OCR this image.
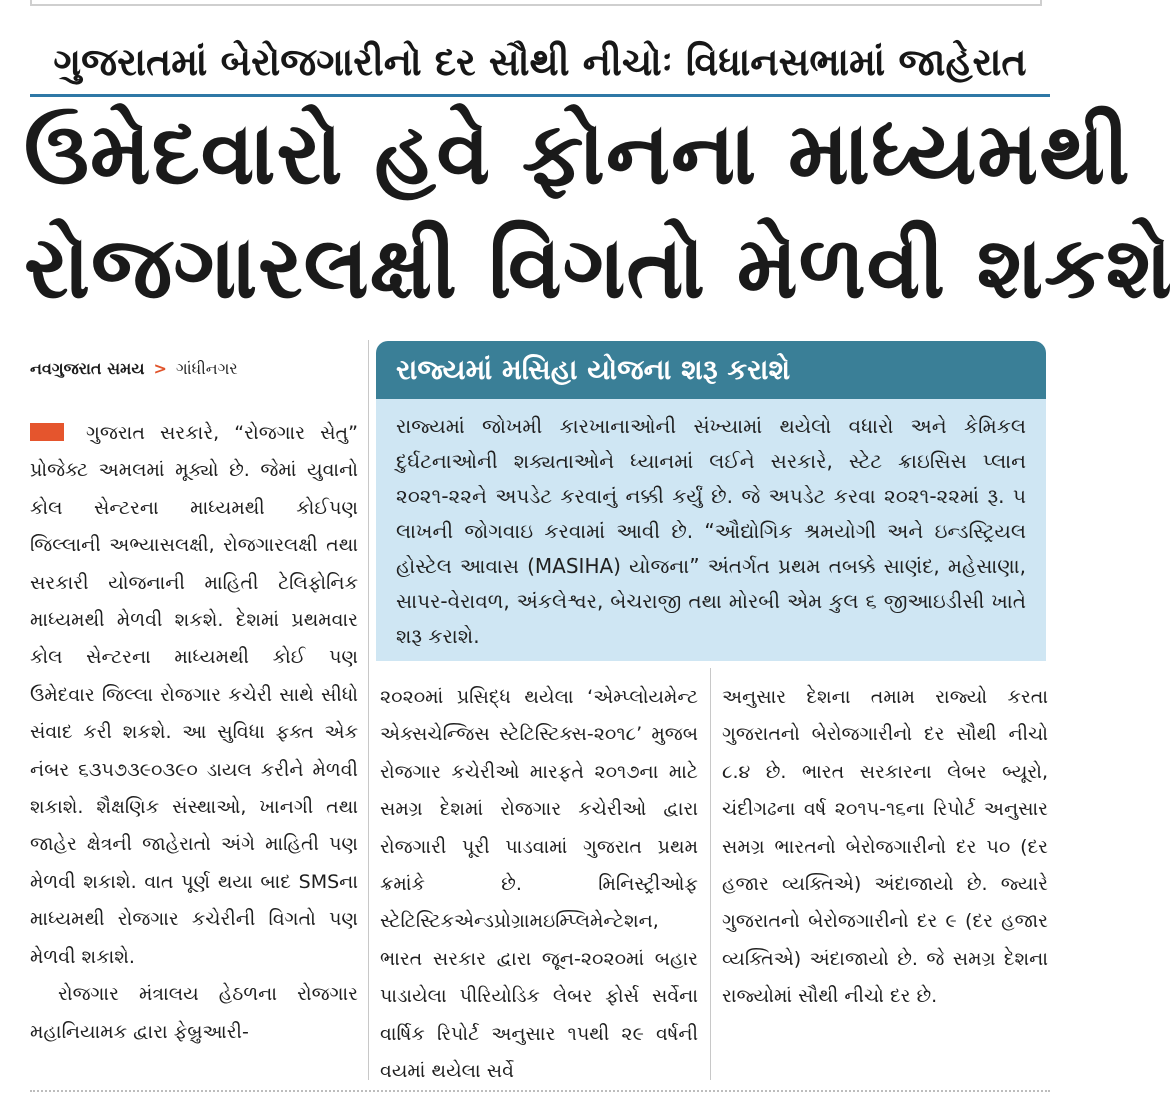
ગુજરાતમાં બેરોજગારીનો દર સૌથી નીચોઃ વિધાનસભામાં જાહેરાત
ઉમેદવારો હવે ફોનના માધ્યમથી
રોજગારલક્ષી વિગતો મેળવી શકશે
નવગુજરાત સમય > ગાંધીનગર	રાજ્યમાં મસિહા યોજના શરૂ કરાશે

રાજ્યમાં જોખમી કારખાનાઓની સંખ્યામાં થયેલો વધારો અને કેમિકલ દુર્ઘટનાઓની શક્યતાઓને ધ્યાનમાં લઈને સરકારે, સ્ટેટ ક્રાઇસિસ પ્લાન ૨૦૨૧-૨૨ને અપડેટ કરવાનું નક્કી કર્યું છે. જે અપડેટ કરવા ૨૦૨૧-૨૨માં રૂ. ૫ લાખની જોગવાઇ કરવામાં આવી છે. “ઔદ્યોગિક શ્રમયોગી અને ઇન્ડસ્ટ્રિયલ હોસ્ટેલ આવાસ (MASIHA) યોજના” અંતર્ગત પ્રથમ તબક્કે સાણંદ, મહેસાણા, સાપર-વેરાવળ, અંકલેશ્વર, બેચરાજી તથા મોરબી એમ કુલ ૬ જીઆઇડીસી ખાતે શરૂ કરાશે.

ગુજરાત સરકારે, “રોજગાર સેતુ” પ્રોજેક્ટ અમલમાં મૂક્યો છે. જેમાં યુવાનો કોલ સેન્ટરના માધ્યમથી કોઈપણ જિલ્લાની અભ્યાસલક્ષી, રોજગારલક્ષી તથા સરકારી યોજનાની માહિતી ટેલિફોનિક માધ્યમથી મેળવી શકશે. દેશમાં પ્રથમવાર કોલ સેન્ટરના માધ્યમથી કોઈ પણ ઉમેદવાર જિલ્લા રોજગાર કચેરી સાથે સીધો સંવાદ કરી શકશે. આ સુવિધા ફક્ત એક નંબર ૬૩૫૭૩૯૦૩૯૦ ડાયલ કરીને મેળવી શકાશે. શૈક્ષણિક સંસ્થાઓ, ખાનગી તથા જાહેર ક્ષેત્રની જાહેરાતો અંગે માહિતી પણ મેળવી શકાશે. વાત પૂર્ણ થયા બાદ SMSના માધ્યમથી રોજગાર કચેરીની વિગતો પણ મેળવી શકાશે.

રોજગાર મંત્રાલય હેઠળના રોજગાર મહાનિયામક દ્વારા ફેબ્રુઆરી-

૨૦૨૦માં પ્રસિદ્ધ થયેલા ‘એમ્પ્લોયમેન્ટ એક્સચેન્જિસ સ્ટેટિસ્ટિક્સ-૨૦૧૮’ મુજબ રોજગાર કચેરીઓ મારફતે ૨૦૧૭ના માટે સમગ્ર દેશમાં રોજગાર કચેરીઓ દ્વારા રોજગારી પૂરી પાડવામાં ગુજરાત પ્રથમ ક્રમાંકે છે. મિનિસ્ટ્રીઓફ સ્ટેટિસ્ટિકએન્ડપ્રોગ્રામઇમ્પ્લિમેન્ટેશન, ભારત સરકાર દ્વારા જૂન-૨૦૨૦માં બહાર પાડાયેલા પીરિયોડિક લેબર ફોર્સ સર્વેના વાર્ષિક રિપોર્ટ અનુસાર ૧૫થી ૨૯ વર્ષની વયમાં થયેલા સર્વે

અનુસાર દેશના તમામ રાજ્યો કરતા ગુજરાતનો બેરોજગારીનો દર સૌથી નીચો ૮.૪ છે. ભારત સરકારના લેબર બ્યૂરો, ચંદીગઢના વર્ષ ૨૦૧૫-૧૬ના રિપોર્ટ અનુસાર સમગ્ર ભારતનો બેરોજગારીનો દર ૫૦ (દર હજાર વ્યક્તિએ) અંદાજાયો છે. જ્યારે ગુજરાતનો બેરોજગારીનો દર ૯ (દર હજાર વ્યક્તિએ) અંદાજાયો છે. જે સમગ્ર દેશના રાજ્યોમાં સૌથી નીચો દર છે.
